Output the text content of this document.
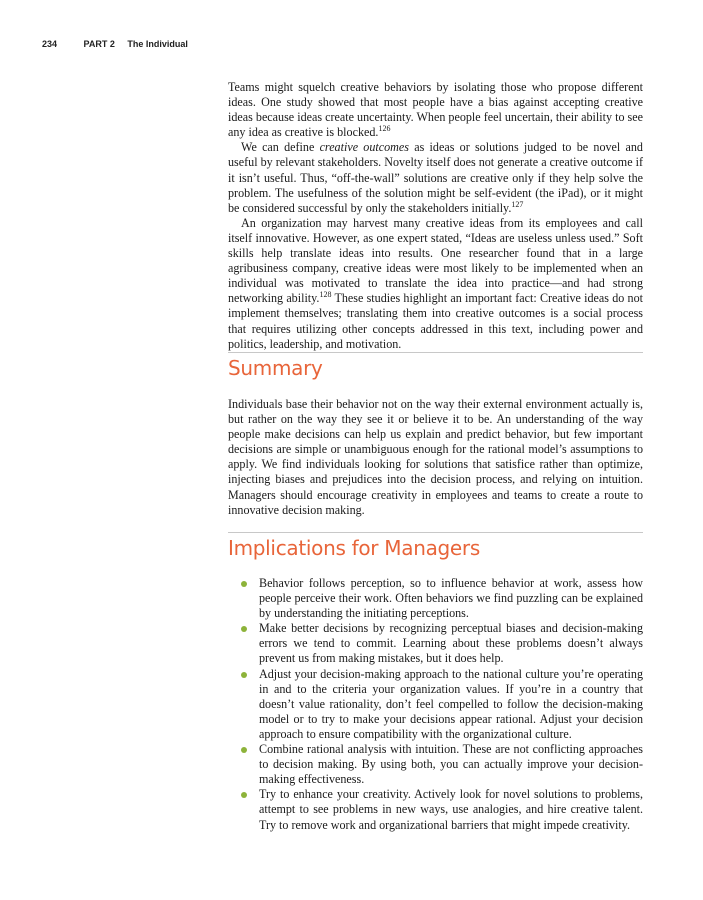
234	PART 2 The Individual

Teams might squelch creative behaviors by isolating those who propose different ideas. One study showed that most people have a bias against accepting creative ideas because ideas create uncertainty. When people feel uncertain, their ability to see any idea as creative is blocked.$^{126}$

We can define creative outcomes as ideas or solutions judged to be novel and useful by relevant stakeholders. Novelty itself does not generate a creative outcome if it isn’t useful. Thus, “off-the-wall” solutions are creative only if they help solve the problem. The usefulness of the solution might be self-evident (the iPad), or it might be considered successful by only the stakeholders initially.$^{127}$

An organization may harvest many creative ideas from its employees and call itself innovative. However, as one expert stated, “Ideas are useless unless used.” Soft skills help translate ideas into results. One researcher found that in a large agribusiness company, creative ideas were most likely to be implemented when an individual was motivated to translate the idea into practice—and had strong networking ability.$^{128}$ These studies highlight an important fact: Creative ideas do not implement themselves; translating them into creative outcomes is a social process that requires utilizing other concepts addressed in this text, including power and politics, leadership, and motivation.

Summary

Individuals base their behavior not on the way their external environment actually is, but rather on the way they see it or believe it to be. An understanding of the way people make decisions can help us explain and predict behavior, but few important decisions are simple or unambiguous enough for the rational model’s assumptions to apply. We find individuals looking for solutions that satisfice rather than optimize, injecting biases and prejudices into the decision process, and relying on intuition. Managers should encourage creativity in employees and teams to create a route to innovative decision making.

Implications for Managers
Behavior follows perception, so to influence behavior at work, assess how people perceive their work. Often behaviors we find puzzling can be explained by understanding the initiating perceptions.
Make better decisions by recognizing perceptual biases and decision-making errors we tend to commit. Learning about these problems doesn’t always prevent us from making mistakes, but it does help.
Adjust your decision-making approach to the national culture you’re operating in and to the criteria your organization values. If you’re in a country that doesn’t value rationality, don’t feel compelled to follow the decision-making model or to try to make your decisions appear rational. Adjust your decision approach to ensure compatibility with the organizational culture.
Combine rational analysis with intuition. These are not conflicting approaches to decision making. By using both, you can actually improve your decision-making effectiveness.
Try to enhance your creativity. Actively look for novel solutions to problems, attempt to see problems in new ways, use analogies, and hire creative talent. Try to remove work and organizational barriers that might impede creativity.
